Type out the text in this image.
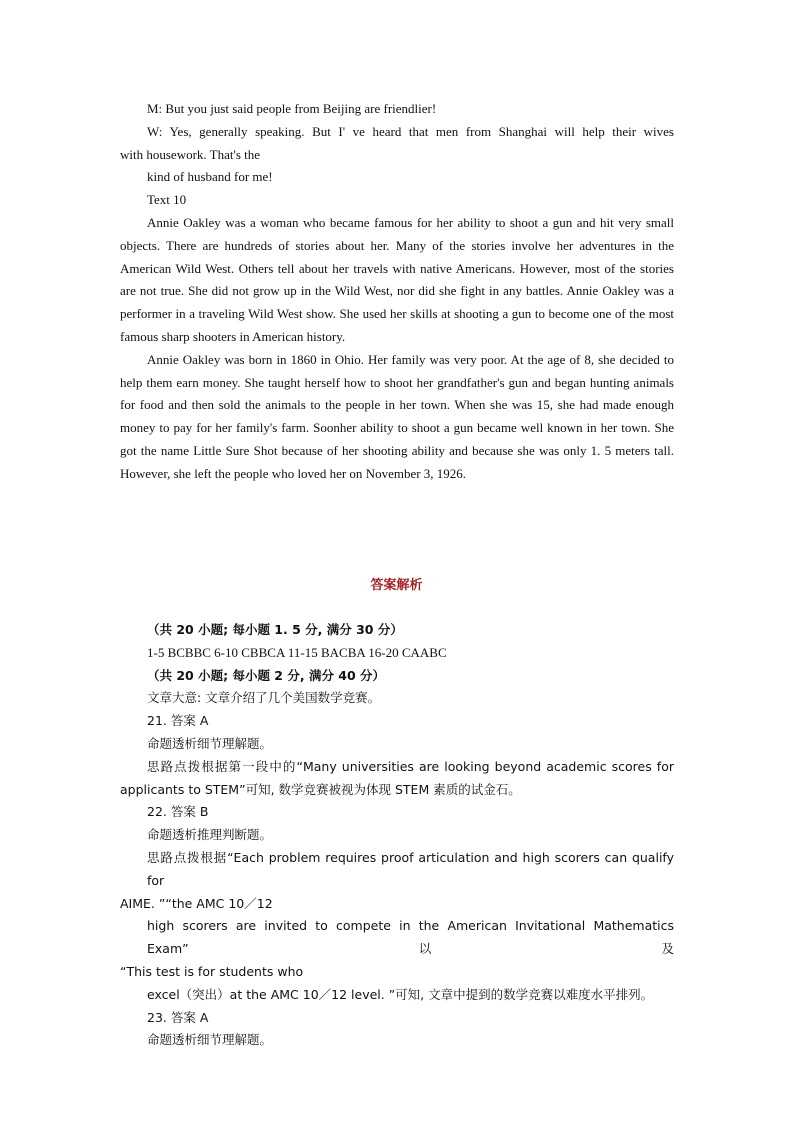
M: But you just said people from Beijing are friendlier!

W: Yes, generally speaking. But I' ve heard that men from Shanghai will help their wives

with housework. That's the

kind of husband for me!

Text 10

Annie Oakley was a woman who became famous for her ability to shoot a gun and hit very small objects. There are hundreds of stories about her. Many of the stories involve her adventures in the American Wild West. Others tell about her travels with native Americans. However, most of the stories are not true. She did not grow up in the Wild West, nor did she fight in any battles. Annie Oakley was a performer in a traveling Wild West show. She used her skills at shooting a gun to become one of the most famous sharp shooters in American history.

Annie Oakley was born in 1860 in Ohio. Her family was very poor. At the age of 8, she decided to help them earn money. She taught herself how to shoot her grandfather's gun and began hunting animals for food and then sold the animals to the people in her town. When she was 15, she had made enough money to pay for her family's farm. Soonher ability to shoot a gun became well known in her town. She got the name Little Sure Shot because of her shooting ability and because she was only 1. 5 meters tall. However, she left the people who loved her on November 3, 1926.

答案解析

（共 20 小题; 每小题 1. 5 分, 满分 30 分）

1-5 BCBBC 6-10 CBBCA 11-15 BACBA 16-20 CAABC

（共 20 小题; 每小题 2 分, 满分 40 分）

文章大意: 文章介绍了几个美国数学竞赛。

21. 答案 A

命题透析细节理解题。

思路点拨根据第一段中的“Many universities are looking beyond academic scores for applicants to STEM”可知, 数学竞赛被视为体现 STEM 素质的试金石。

22. 答案 B

命题透析推理判断题。

思路点拨根据“Each problem requires proof articulation and high scorers can qualify for

AIME. ”“the AMC 10／12

high scorers are invited to compete in the American Invitational Mathematics Exam”以及

“This test is for students who

excel（突出）at the AMC 10／12 level. ”可知, 文章中提到的数学竞赛以难度水平排列。

23. 答案 A

命题透析细节理解题。
